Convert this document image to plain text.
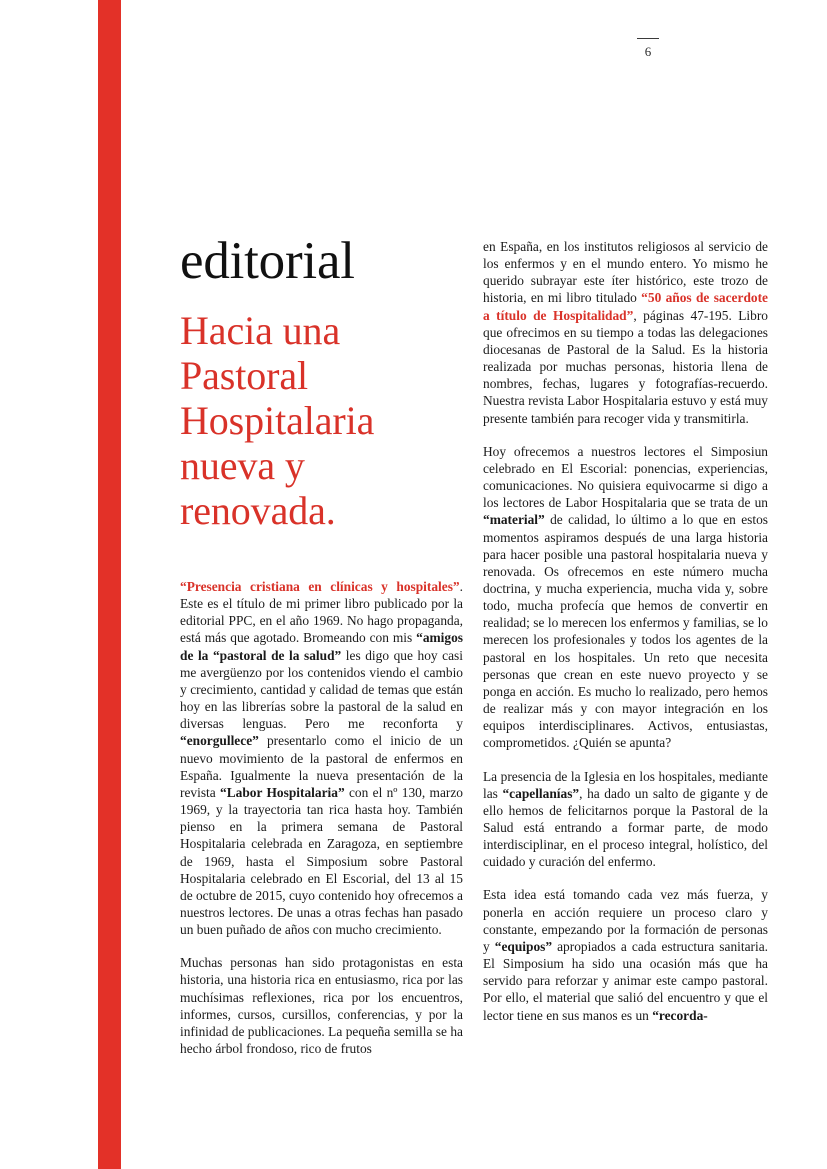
6
editorial
Hacia una
Pastoral
Hospitalaria
nueva y
renovada.

“Presencia cristiana en clínicas y hospitales”. Este es el título de mi primer libro publicado por la editorial PPC, en el año 1969. No hago propaganda, está más que agotado. Bromeando con mis “amigos de la “pastoral de la salud” les digo que hoy casi me avergüenzo por los contenidos viendo el cambio y crecimiento, cantidad y calidad de temas que están hoy en las librerías sobre la pastoral de la salud en diversas lenguas. Pero me reconforta y “enorgullece” presentarlo como el inicio de un nuevo movimiento de la pastoral de enfermos en España. Igualmente la nueva presentación de la revista “Labor Hospitalaria” con el nº 130, marzo 1969, y la trayectoria tan rica hasta hoy. También pienso en la primera semana de Pastoral Hospitalaria celebrada en Zaragoza, en septiembre de 1969, hasta el Simposium sobre Pastoral Hospitalaria celebrado en El Escorial, del 13 al 15 de octubre de 2015, cuyo contenido hoy ofrecemos a nuestros lectores. De unas a otras fechas han pasado un buen puñado de años con mucho crecimiento.

Muchas personas han sido protagonistas en esta historia, una historia rica en entusiasmo, rica por las muchísimas reflexiones, rica por los encuentros, informes, cursos, cursillos, conferencias, y por la infinidad de publicaciones. La pequeña semilla se ha hecho árbol frondoso, rico de frutos

en España, en los institutos religiosos al servicio de los enfermos y en el mundo entero. Yo mismo he querido subrayar este íter histórico, este trozo de historia, en mi libro titulado “50 años de sacerdote a título de Hospitalidad”, páginas 47-195. Libro que ofrecimos en su tiempo a todas las delegaciones diocesanas de Pastoral de la Salud. Es la historia realizada por muchas personas, historia llena de nombres, fechas, lugares y fotografías-recuerdo. Nuestra revista Labor Hospitalaria estuvo y está muy presente también para recoger vida y transmitirla.

Hoy ofrecemos a nuestros lectores el Simposiun celebrado en El Escorial: ponencias, experiencias, comunicaciones. No quisiera equivocarme si digo a los lectores de Labor Hospitalaria que se trata de un “material” de calidad, lo último a lo que en estos momentos aspiramos después de una larga historia para hacer posible una pastoral hospitalaria nueva y renovada. Os ofrecemos en este número mucha doctrina, y mucha experiencia, mucha vida y, sobre todo, mucha profecía que hemos de convertir en realidad; se lo merecen los enfermos y familias, se lo merecen los profesionales y todos los agentes de la pastoral en los hospitales. Un reto que necesita personas que crean en este nuevo proyecto y se ponga en acción. Es mucho lo realizado, pero hemos de realizar más y con mayor integración en los equipos interdisciplinares. Activos, entusiastas, comprometidos. ¿Quién se apunta?

La presencia de la Iglesia en los hospitales, mediante las “capellanías”, ha dado un salto de gigante y de ello hemos de felicitarnos porque la Pastoral de la Salud está entrando a formar parte, de modo interdisciplinar, en el proceso integral, holístico, del cuidado y curación del enfermo.

Esta idea está tomando cada vez más fuerza, y ponerla en acción requiere un proceso claro y constante, empezando por la formación de personas y “equipos” apropiados a cada estructura sanitaria. El Simposium ha sido una ocasión más que ha servido para reforzar y animar este campo pastoral. Por ello, el material que salió del encuentro y que el lector tiene en sus manos es un “recorda-
